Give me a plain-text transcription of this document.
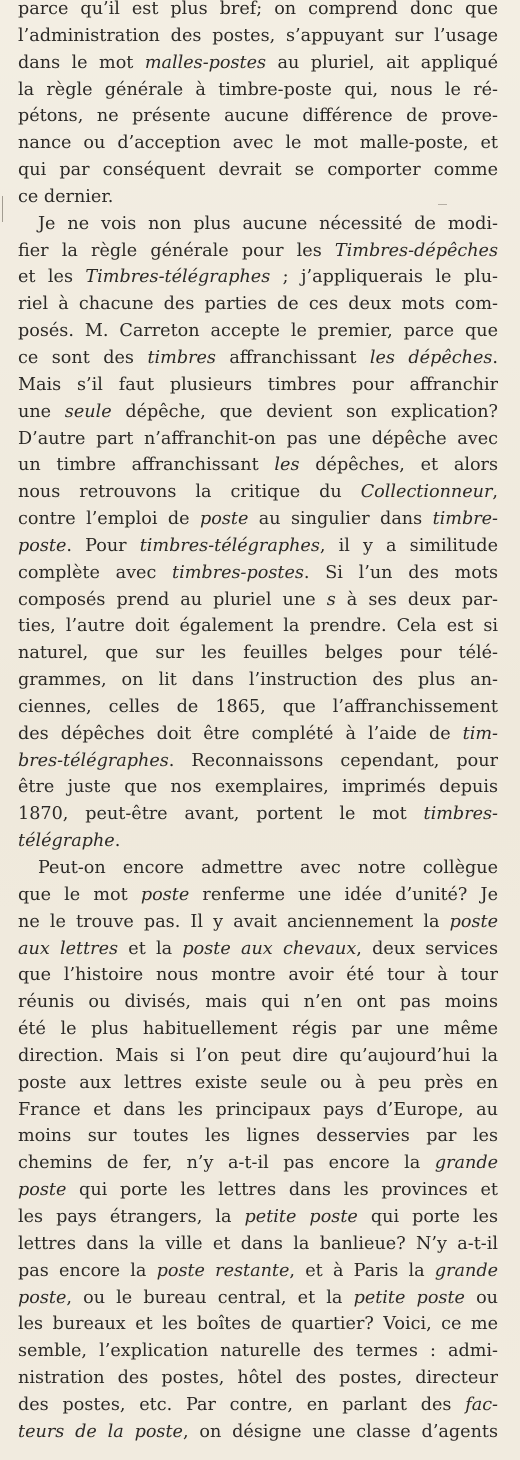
parce qu’il est plus bref; on comprend donc que
l’administration des postes, s’appuyant sur l’usage
dans le mot malles-postes au pluriel, ait appliqué
la règle générale à timbre-poste qui, nous le ré-
pétons, ne présente aucune différence de prove-
nance ou d’acception avec le mot malle-poste, et
qui par conséquent devrait se comporter comme
ce dernier.
Je ne vois non plus aucune nécessité de modi-
fier la règle générale pour les Timbres-dépêches
et les Timbres-télégraphes ; j’appliquerais le plu-
riel à chacune des parties de ces deux mots com-
posés. M. Carreton accepte le premier, parce que
ce sont des timbres affranchissant les dépêches.
Mais s’il faut plusieurs timbres pour affranchir
une seule dépêche, que devient son explication?
D’autre part n’affranchit-on pas une dépêche avec
un timbre affranchissant les dépêches, et alors
nous retrouvons la critique du Collectionneur,
contre l’emploi de poste au singulier dans timbre-
poste. Pour timbres-télégraphes, il y a similitude
complète avec timbres-postes. Si l’un des mots
composés prend au pluriel une s à ses deux par-
ties, l’autre doit également la prendre. Cela est si
naturel, que sur les feuilles belges pour télé-
grammes, on lit dans l’instruction des plus an-
ciennes, celles de 1865, que l’affranchissement
des dépêches doit être complété à l’aide de tim-
bres-télégraphes. Reconnaissons cependant, pour
être juste que nos exemplaires, imprimés depuis
1870, peut-être avant, portent le mot timbres-
télégraphe.
Peut-on encore admettre avec notre collègue
que le mot poste renferme une idée d’unité? Je
ne le trouve pas. Il y avait anciennement la poste
aux lettres et la poste aux chevaux, deux services
que l’histoire nous montre avoir été tour à tour
réunis ou divisés, mais qui n’en ont pas moins
été le plus habituellement régis par une même
direction. Mais si l’on peut dire qu’aujourd’hui la
poste aux lettres existe seule ou à peu près en
France et dans les principaux pays d’Europe, au
moins sur toutes les lignes desservies par les
chemins de fer, n’y a-t-il pas encore la grande
poste qui porte les lettres dans les provinces et
les pays étrangers, la petite poste qui porte les
lettres dans la ville et dans la banlieue? N’y a-t-il
pas encore la poste restante, et à Paris la grande
poste, ou le bureau central, et la petite poste ou
les bureaux et les boîtes de quartier? Voici, ce me
semble, l’explication naturelle des termes : admi-
nistration des postes, hôtel des postes, directeur
des postes, etc. Par contre, en parlant des fac-
teurs de la poste, on désigne une classe d’agents
